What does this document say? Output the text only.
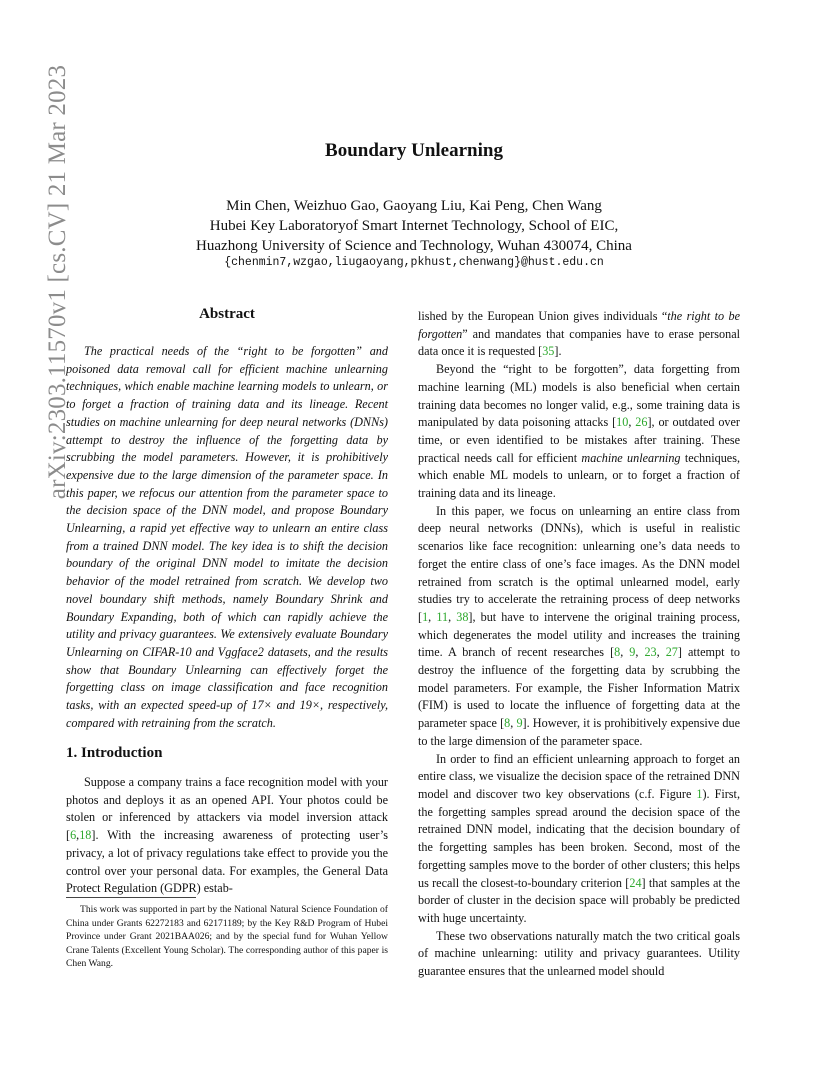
arXiv:2303.11570v1 [cs.CV] 21 Mar 2023	Boundary Unlearning
Min Chen, Weizhuo Gao, Gaoyang Liu, Kai Peng, Chen Wang
Hubei Key Laboratoryof Smart Internet Technology, School of EIC,
Huazhong University of Science and Technology, Wuhan 430074, China
{chenmin7,wzgao,liugaoyang,pkhust,chenwang}@hust.edu.cn
Abstract

The practical needs of the “right to be forgotten” and poisoned data removal call for efficient machine unlearning techniques, which enable machine learning models to unlearn, or to forget a fraction of training data and its lineage. Recent studies on machine unlearning for deep neural networks (DNNs) attempt to destroy the influence of the forgetting data by scrubbing the model parameters. However, it is prohibitively expensive due to the large dimension of the parameter space. In this paper, we refocus our attention from the parameter space to the decision space of the DNN model, and propose Boundary Unlearning, a rapid yet effective way to unlearn an entire class from a trained DNN model. The key idea is to shift the decision boundary of the original DNN model to imitate the decision behavior of the model retrained from scratch. We develop two novel boundary shift methods, namely Boundary Shrink and Boundary Expanding, both of which can rapidly achieve the utility and privacy guarantees. We extensively evaluate Boundary Unlearning on CIFAR-10 and Vggface2 datasets, and the results show that Boundary Unlearning can effectively forget the forgetting class on image classification and face recognition tasks, with an expected speed-up of 17× and 19×, respectively, compared with retraining from the scratch.

1. Introduction

Suppose a company trains a face recognition model with your photos and deploys it as an opened API. Your photos could be stolen or inferenced by attackers via model inversion attack [6,18]. With the increasing awareness of protecting user’s privacy, a lot of privacy regulations take effect to provide you the control over your personal data. For examples, the General Data Protect Regulation (GDPR) estab-

This work was supported in part by the National Natural Science Foundation of China under Grants 62272183 and 62171189; by the Key R&D Program of Hubei Province under Grant 2021BAA026; and by the special fund for Wuhan Yellow Crane Talents (Excellent Young Scholar). The corresponding author of this paper is Chen Wang.

lished by the European Union gives individuals “the right to be forgotten” and mandates that companies have to erase personal data once it is requested [35].

Beyond the “right to be forgotten”, data forgetting from machine learning (ML) models is also beneficial when certain training data becomes no longer valid, e.g., some training data is manipulated by data poisoning attacks [10, 26], or outdated over time, or even identified to be mistakes after training. These practical needs call for efficient machine unlearning techniques, which enable ML models to unlearn, or to forget a fraction of training data and its lineage.

In this paper, we focus on unlearning an entire class from deep neural networks (DNNs), which is useful in realistic scenarios like face recognition: unlearning one’s data needs to forget the entire class of one’s face images. As the DNN model retrained from scratch is the optimal unlearned model, early studies try to accelerate the retraining process of deep networks [1, 11, 38], but have to intervene the original training process, which degenerates the model utility and increases the training time. A branch of recent researches [8, 9, 23, 27] attempt to destroy the influence of the forgetting data by scrubbing the model parameters. For example, the Fisher Information Matrix (FIM) is used to locate the influence of forgetting data at the parameter space [8, 9]. However, it is prohibitively expensive due to the large dimension of the parameter space.

In order to find an efficient unlearning approach to forget an entire class, we visualize the decision space of the retrained DNN model and discover two key observations (c.f. Figure 1). First, the forgetting samples spread around the decision space of the retrained DNN model, indicating that the decision boundary of the forgetting samples has been broken. Second, most of the forgetting samples move to the border of other clusters; this helps us recall the closest-to-boundary criterion [24] that samples at the border of cluster in the decision space will probably be predicted with huge uncertainty.

These two observations naturally match the two critical goals of machine unlearning: utility and privacy guarantees. Utility guarantee ensures that the unlearned model should
